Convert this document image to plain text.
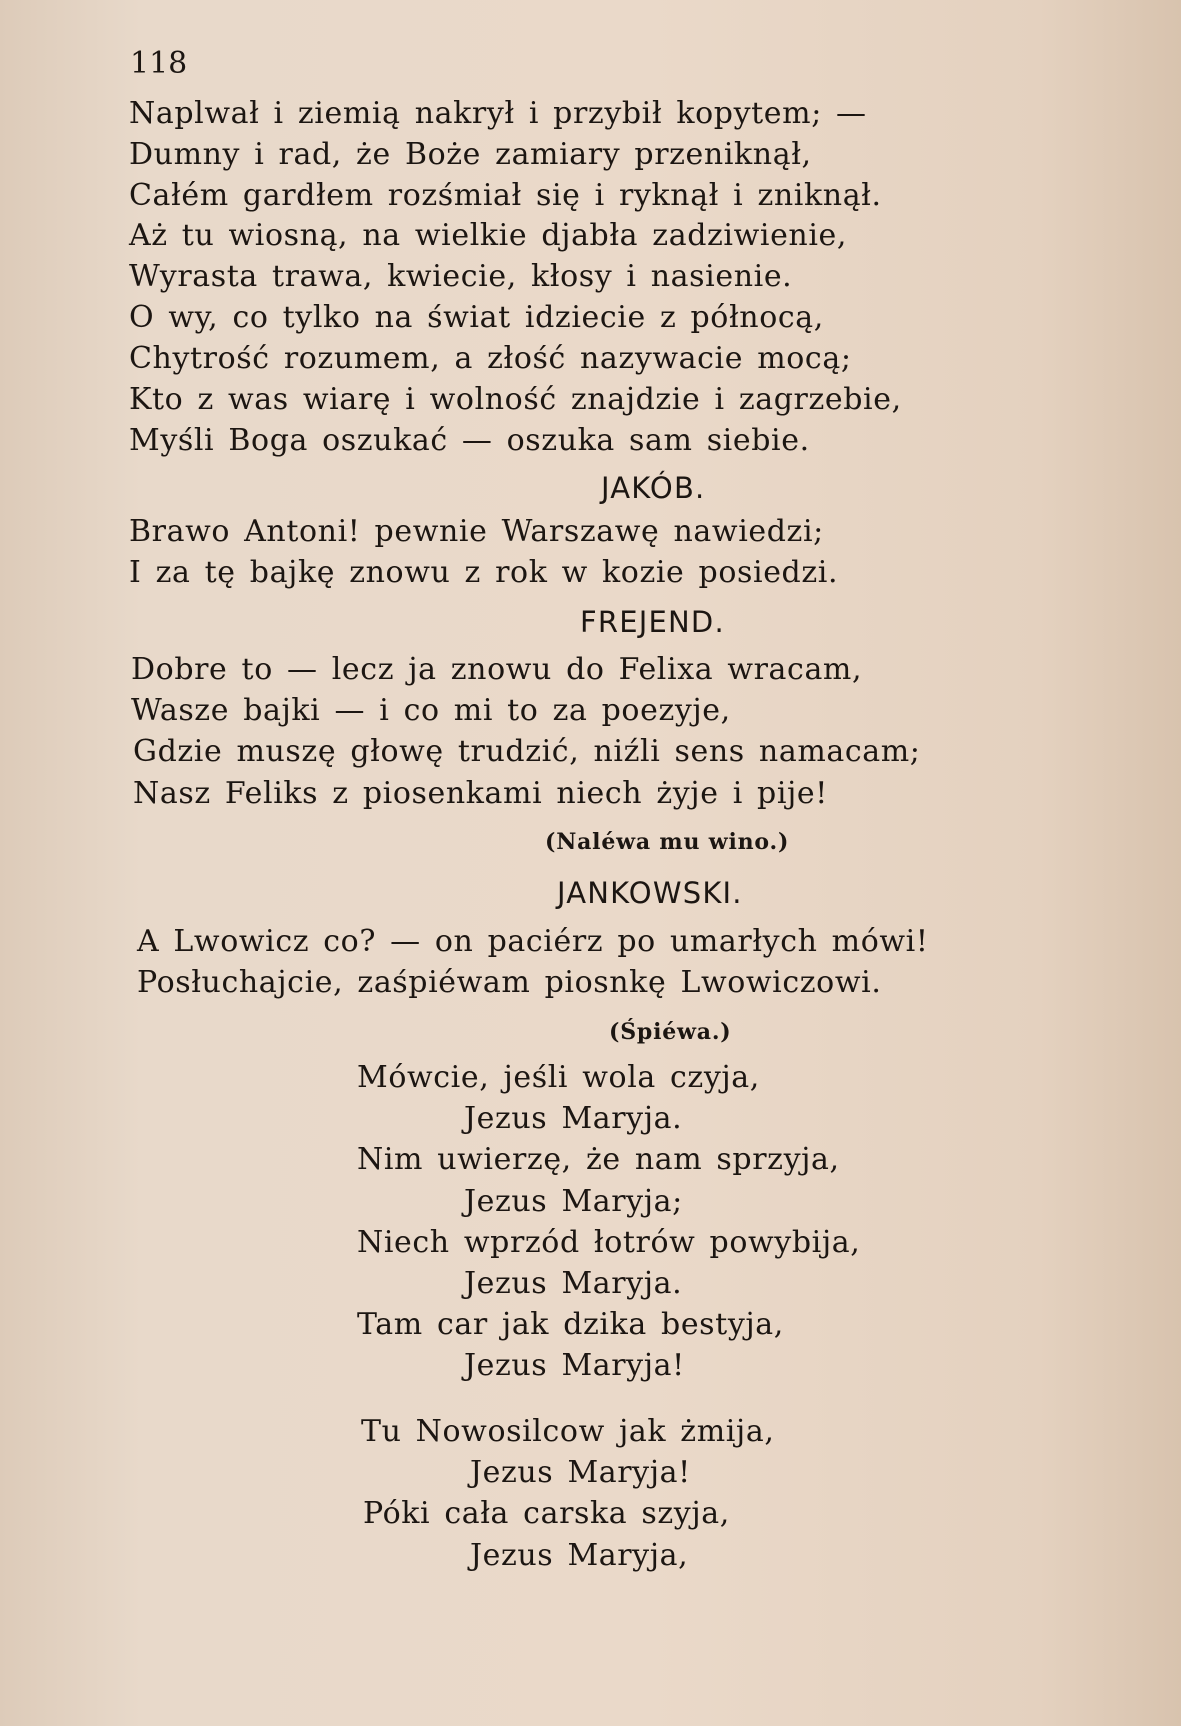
118
Naplwał i ziemią nakrył i przybił kopytem; —
Dumny i rad, że Boże zamiary przeniknął,
Całém gardłem rozśmiał się i ryknął i zniknął.
Aż tu wiosną, na wielkie djabła zadziwienie,
Wyrasta trawa, kwiecie, kłosy i nasienie.
O wy, co tylko na świat idziecie z północą,
Chytrość rozumem, a złość nazywacie mocą;
Kto z was wiarę i wolność znajdzie i zagrzebie,
Myśli Boga oszukać — oszuka sam siebie.
JAKÓB.
Brawo Antoni! pewnie Warszawę nawiedzi;
I za tę bajkę znowu z rok w kozie posiedzi.
FREJEND.
Dobre to — lecz ja znowu do Felixa wracam,
Wasze bajki — i co mi to za poezyje,
Gdzie muszę głowę trudzić, niźli sens namacam;
Nasz Feliks z piosenkami niech żyje i pije!
(Naléwa mu wino.)
JANKOWSKI.
A Lwowicz co? — on paciérz po umarłych mówi!
Posłuchajcie, zaśpiéwam piosnkę Lwowiczowi.
(Śpiéwa.)
Mówcie, jeśli wola czyja,
Jezus Maryja.
Nim uwierzę, że nam sprzyja,
Jezus Maryja;
Niech wprzód łotrów powybija,
Jezus Maryja.
Tam car jak dzika bestyja,
Jezus Maryja!
Tu Nowosilcow jak żmija,
Jezus Maryja!
Póki cała carska szyja,
Jezus Maryja,
